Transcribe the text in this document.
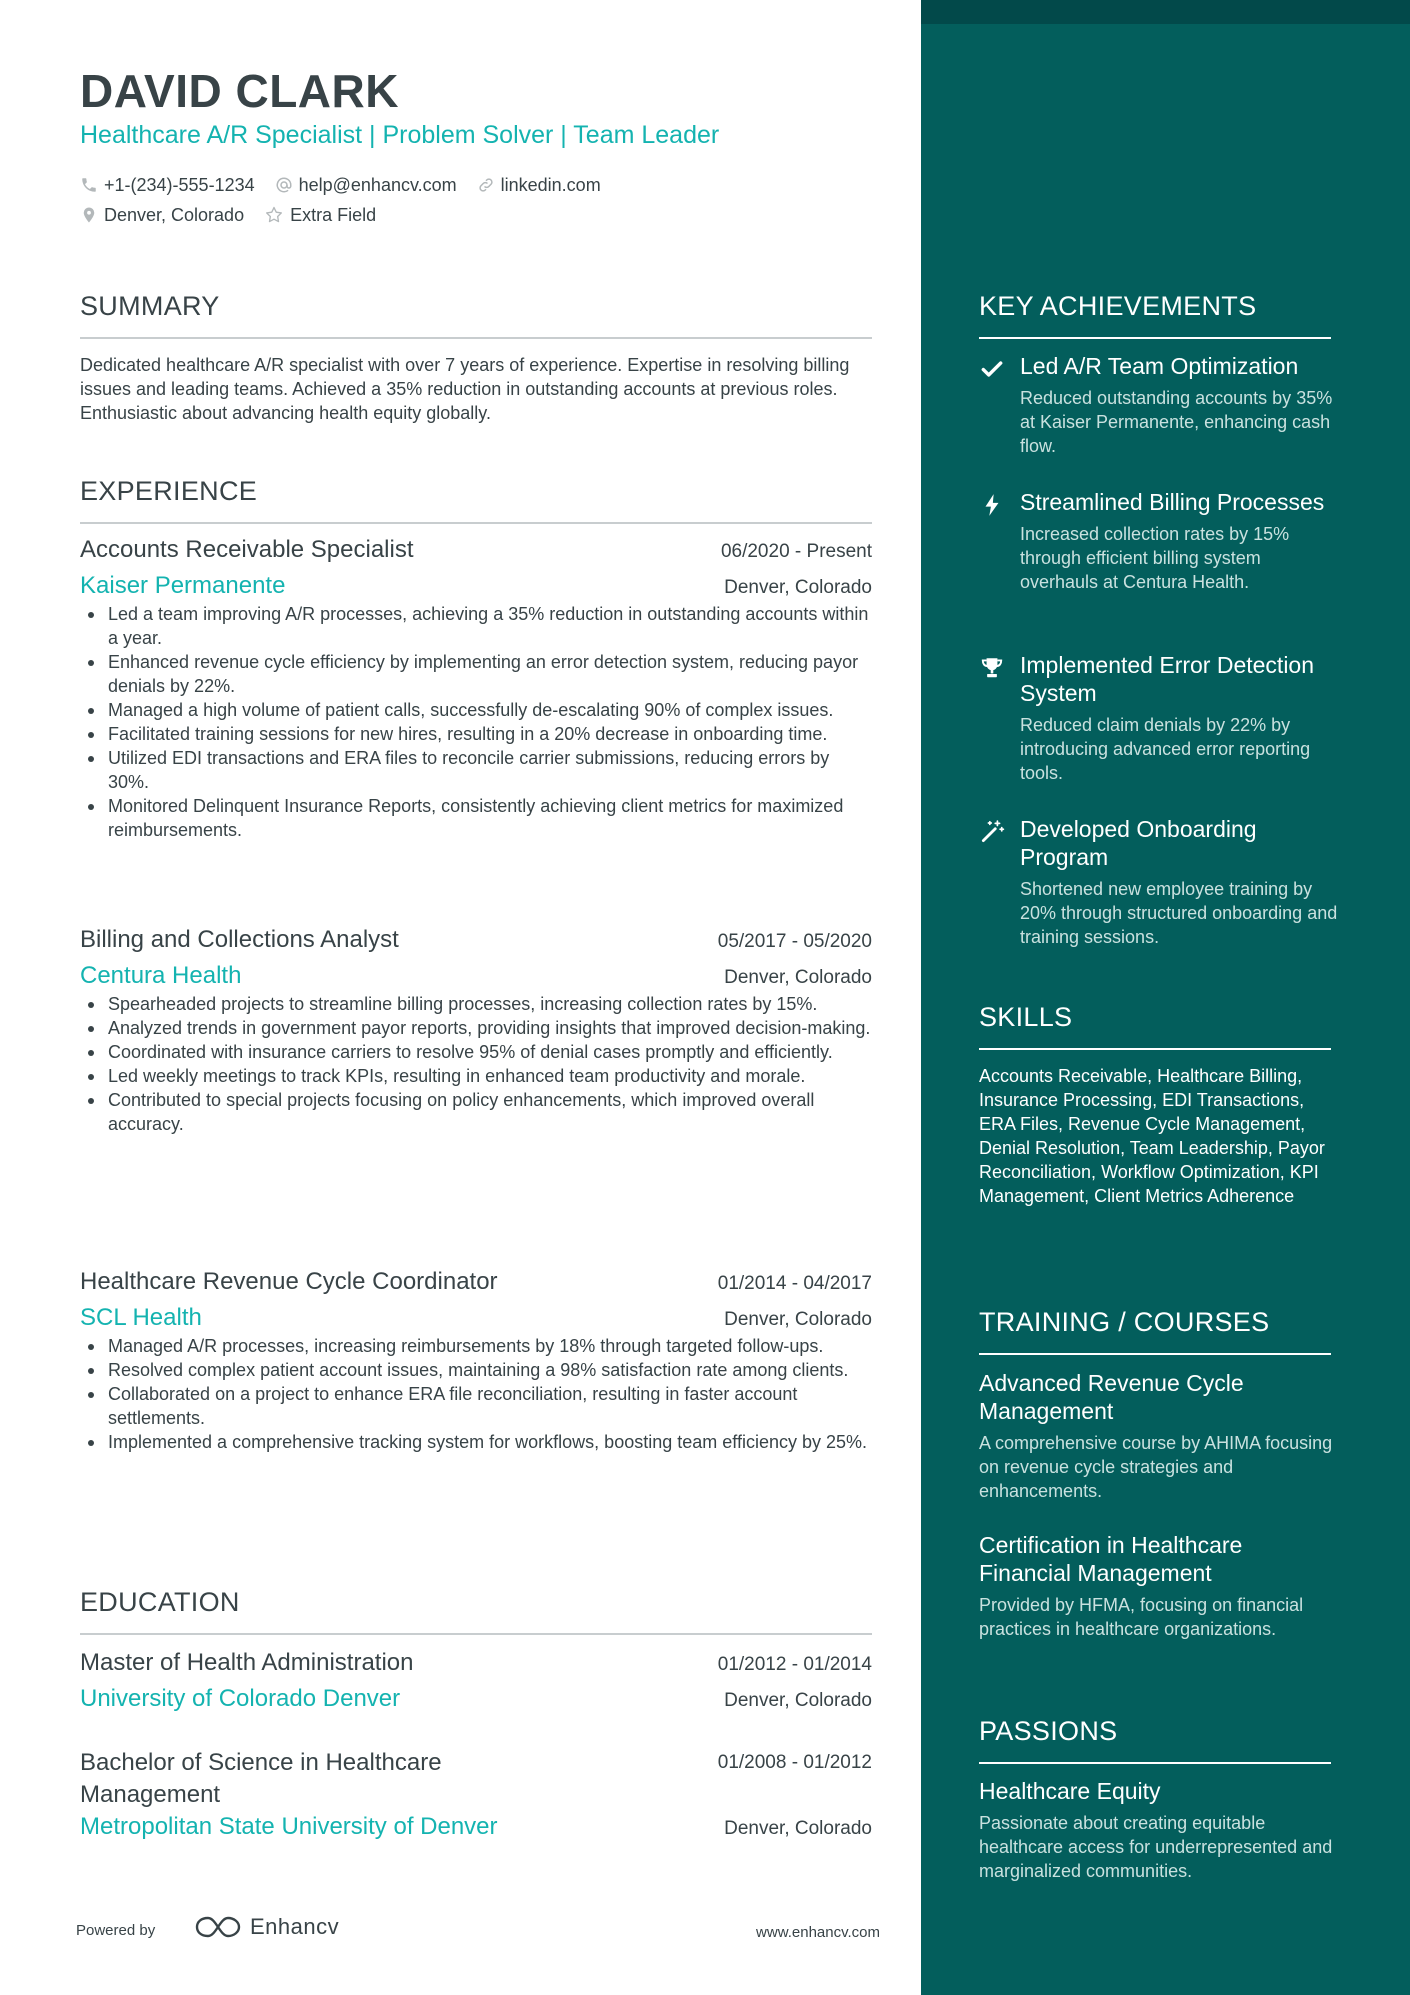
DAVID CLARK
Healthcare A/R Specialist | Problem Solver | Team Leader
+1-(234)-555-1234 help@enhancv.com linkedin.com
Denver, Colorado	Extra Field
SUMMARY
Dedicated healthcare A/R specialist with over 7 years of experience. Expertise in resolving billing issues and leading teams. Achieved a 35% reduction in outstanding accounts at previous roles. Enthusiastic about advancing health equity globally.
EXPERIENCE
Accounts Receivable Specialist	06/2020 - Present
Kaiser Permanente	Denver, Colorado
Led a team improving A/R processes, achieving a 35% reduction in outstanding accounts within a year.
Enhanced revenue cycle efficiency by implementing an error detection system, reducing payor denials by 22%.
Managed a high volume of patient calls, successfully de-escalating 90% of complex issues.
Facilitated training sessions for new hires, resulting in a 20% decrease in onboarding time.
Utilized EDI transactions and ERA files to reconcile carrier submissions, reducing errors by 30%.
Monitored Delinquent Insurance Reports, consistently achieving client metrics for maximized reimbursements.
Billing and Collections Analyst	05/2017 - 05/2020
Centura Health	Denver, Colorado
Spearheaded projects to streamline billing processes, increasing collection rates by 15%.
Analyzed trends in government payor reports, providing insights that improved decision-making.
Coordinated with insurance carriers to resolve 95% of denial cases promptly and efficiently.
Led weekly meetings to track KPIs, resulting in enhanced team productivity and morale.
Contributed to special projects focusing on policy enhancements, which improved overall accuracy.
Healthcare Revenue Cycle Coordinator	01/2014 - 04/2017
SCL Health	Denver, Colorado
Managed A/R processes, increasing reimbursements by 18% through targeted follow-ups.
Resolved complex patient account issues, maintaining a 98% satisfaction rate among clients.
Collaborated on a project to enhance ERA file reconciliation, resulting in faster account settlements.
Implemented a comprehensive tracking system for workflows, boosting team efficiency by 25%.
EDUCATION
Master of Health Administration	01/2012 - 01/2014
University of Colorado Denver	Denver, Colorado
Bachelor of Science in Healthcare Management
01/2008 - 01/2012
Metropolitan State University of Denver	Denver, Colorado
Powered by	Enhancv	www.enhancv.com
KEY ACHIEVEMENTS
Led A/R Team Optimization
Reduced outstanding accounts by 35% at Kaiser Permanente, enhancing cash flow.
Streamlined Billing Processes
Increased collection rates by 15% through efficient billing system overhauls at Centura Health.
Implemented Error Detection System
Reduced claim denials by 22% by introducing advanced error reporting tools.
Developed Onboarding Program
Shortened new employee training by 20% through structured onboarding and training sessions.
SKILLS
Accounts Receivable, Healthcare Billing, Insurance Processing, EDI Transactions, ERA Files, Revenue Cycle Management, Denial Resolution, Team Leadership, Payor Reconciliation, Workflow Optimization, KPI Management, Client Metrics Adherence
TRAINING / COURSES
Advanced Revenue Cycle Management
A comprehensive course by AHIMA focusing on revenue cycle strategies and enhancements.
Certification in Healthcare Financial Management
Provided by HFMA, focusing on financial practices in healthcare organizations.
PASSIONS
Healthcare Equity
Passionate about creating equitable healthcare access for underrepresented and marginalized communities.
